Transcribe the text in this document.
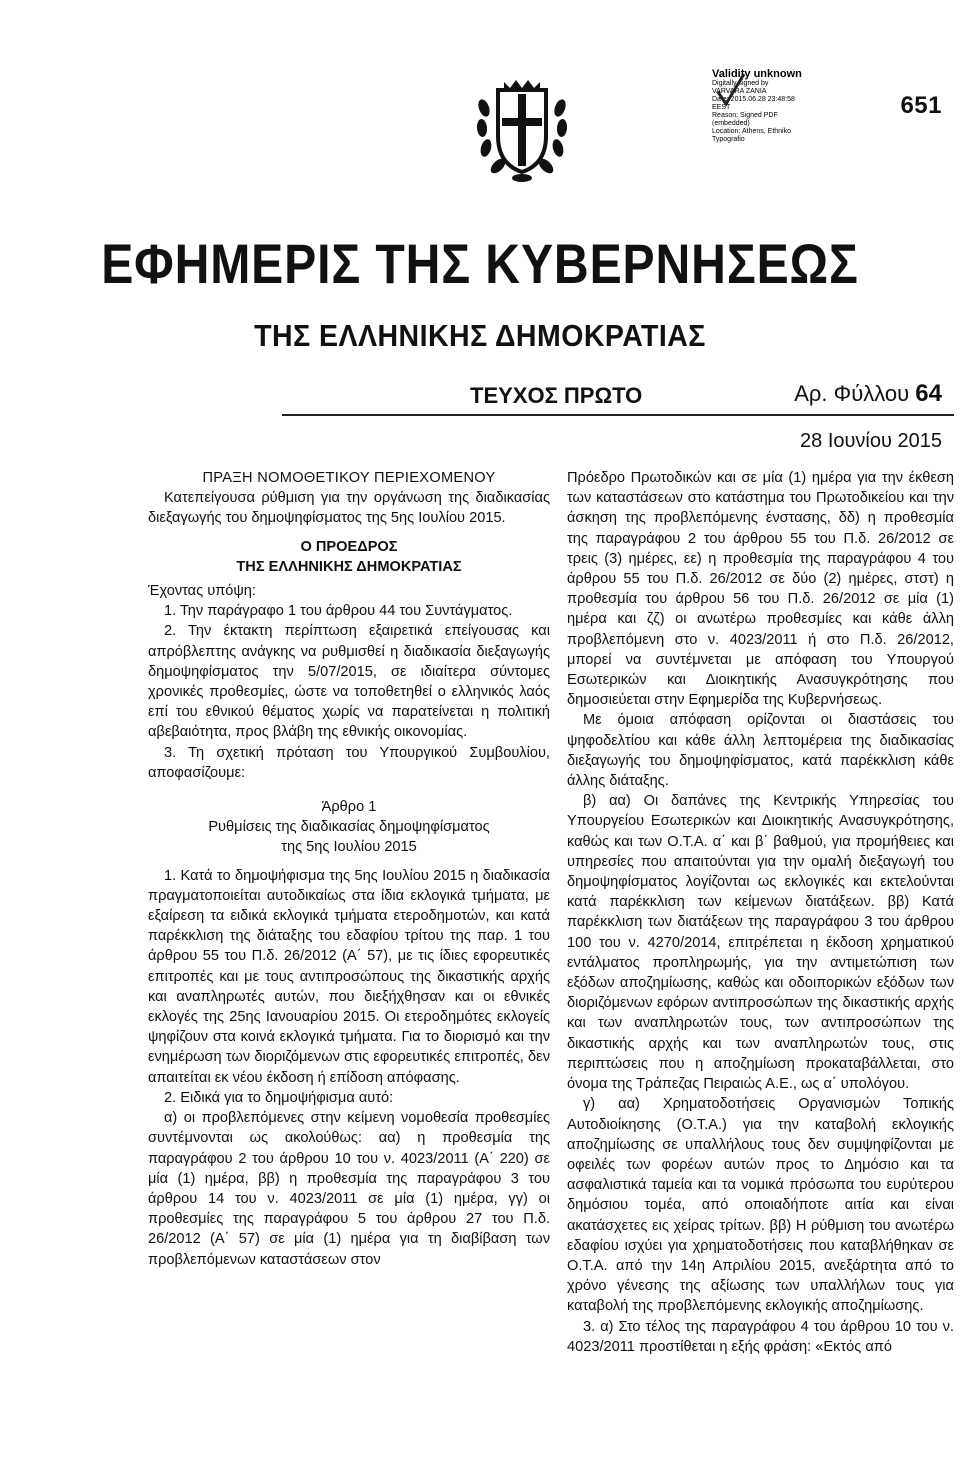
651
Validity unknown
Digitally signed by
VARVARA ZANIA
Date: 2015.06.28 23:48:58
EEST
Reason: Signed PDF
(embedded)
Location: Athens, Ethniko
Typografio
ΕΦΗΜΕΡΙΣ ΤΗΣ ΚΥΒΕΡΝΗΣΕΩΣ
ΤΗΣ ΕΛΛΗΝΙΚΗΣ ΔΗΜΟΚΡΑΤΙΑΣ
ΤΕΥΧΟΣ ΠΡΩΤΟ	Αρ. Φύλλου 64
28 Ιουνίου 2015

ΠΡΑΞΗ ΝΟΜΟΘΕΤΙΚΟΥ ΠΕΡΙΕΧΟΜΕΝΟΥ

Κατεπείγουσα ρύθμιση για την οργάνωση της διαδικασίας διεξαγωγής του δημοψηφίσματος της 5ης Ιουλίου 2015.

Ο ΠΡΟΕΔΡΟΣ

ΤΗΣ ΕΛΛΗΝΙΚΗΣ ΔΗΜΟΚΡΑΤΙΑΣ

Έχοντας υπόψη:

1. Την παράγραφο 1 του άρθρου 44 του Συντάγματος.

2. Την έκτακτη περίπτωση εξαιρετικά επείγουσας και απρόβλεπτης ανάγκης να ρυθμισθεί η διαδικασία διεξαγωγής δημοψηφίσματος την 5/07/2015, σε ιδιαίτερα σύντομες χρονικές προθεσμίες, ώστε να τοποθετηθεί ο ελληνικός λαός επί του εθνικού θέματος χωρίς να παρατείνεται η πολιτική αβεβαιότητα, προς βλάβη της εθνικής οικονομίας.

3. Τη σχετική πρόταση του Υπουργικού Συμβουλίου, αποφασίζουμε:

Άρθρο 1

Ρυθμίσεις της διαδικασίας δημοψηφίσματος

της 5ης Ιουλίου 2015

1. Κατά το δημοψήφισμα της 5ης Ιουλίου 2015 η διαδικασία πραγματοποιείται αυτοδικαίως στα ίδια εκλογικά τμήματα, με εξαίρεση τα ειδικά εκλογικά τμήματα ετεροδημοτών, και κατά παρέκκλιση της διάταξης του εδαφίου τρίτου της παρ. 1 του άρθρου 55 του Π.δ. 26/2012 (Α΄ 57), με τις ίδιες εφορευτικές επιτροπές και με τους αντιπροσώπους της δικαστικής αρχής και αναπληρωτές αυτών, που διεξήχθησαν και οι εθνικές εκλογές της 25ης Ιανουαρίου 2015. Οι ετεροδημότες εκλογείς ψηφίζουν στα κοινά εκλογικά τμήματα. Για το διορισμό και την ενημέρωση των διοριζόμενων στις εφορευτικές επιτροπές, δεν απαιτείται εκ νέου έκδοση ή επίδοση απόφασης.

2. Ειδικά για το δημοψήφισμα αυτό:

α) οι προβλεπόμενες στην κείμενη νομοθεσία προθεσμίες συντέμνονται ως ακολούθως: αα) η προθεσμία της παραγράφου 2 του άρθρου 10 του ν. 4023/2011 (Α΄ 220) σε μία (1) ημέρα, ββ) η προθεσμία της παραγράφου 3 του άρθρου 14 του ν. 4023/2011 σε μία (1) ημέρα, γγ) οι προθεσμίες της παραγράφου 5 του άρθρου 27 του Π.δ. 26/2012 (Α΄ 57) σε μία (1) ημέρα για τη διαβίβαση των προβλεπόμενων καταστάσεων στον

Πρόεδρο Πρωτοδικών και σε μία (1) ημέρα για την έκθεση των καταστάσεων στο κατάστημα του Πρωτοδικείου και την άσκηση της προβλεπόμενης ένστασης, δδ) η προθεσμία της παραγράφου 2 του άρθρου 55 του Π.δ. 26/2012 σε τρεις (3) ημέρες, εε) η προθεσμία της παραγράφου 4 του άρθρου 55 του Π.δ. 26/2012 σε δύο (2) ημέρες, στστ) η προθεσμία του άρθρου 56 του Π.δ. 26/2012 σε μία (1) ημέρα και ζζ) οι ανωτέρω προθεσμίες και κάθε άλλη προβλεπόμενη στο ν. 4023/2011 ή στο Π.δ. 26/2012, μπορεί να συντέμνεται με απόφαση του Υπουργού Εσωτερικών και Διοικητικής Ανασυγκρότησης που δημοσιεύεται στην Εφημερίδα της Κυβερνήσεως.

Με όμοια απόφαση ορίζονται οι διαστάσεις του ψηφοδελτίου και κάθε άλλη λεπτομέρεια της διαδικασίας διεξαγωγής του δημοψηφίσματος, κατά παρέκκλιση κάθε άλλης διάταξης.

β) αα) Οι δαπάνες της Κεντρικής Υπηρεσίας του Υπουργείου Εσωτερικών και Διοικητικής Ανασυγκρότησης, καθώς και των Ο.Τ.Α. α΄ και β΄ βαθμού, για προμήθειες και υπηρεσίες που απαιτούνται για την ομαλή διεξαγωγή του δημοψηφίσματος λογίζονται ως εκλογικές και εκτελούνται κατά παρέκκλιση των κείμενων διατάξεων. ββ) Κατά παρέκκλιση των διατάξεων της παραγράφου 3 του άρθρου 100 του ν. 4270/2014, επιτρέπεται η έκδοση χρηματικού εντάλματος προπληρωμής, για την αντιμετώπιση των εξόδων αποζημίωσης, καθώς και οδοιπορικών εξόδων των διοριζόμενων εφόρων αντιπροσώπων της δικαστικής αρχής και των αναπληρωτών τους, των αντιπροσώπων της δικαστικής αρχής και των αναπληρωτών τους, στις περιπτώσεις που η αποζημίωση προκαταβάλλεται, στο όνομα της Τράπεζας Πειραιώς Α.Ε., ως α΄ υπολόγου.

γ) αα) Χρηματοδοτήσεις Οργανισμών Τοπικής Αυτοδιοίκησης (Ο.Τ.Α.) για την καταβολή εκλογικής αποζημίωσης σε υπαλλήλους τους δεν συμψηφίζονται με οφειλές των φορέων αυτών προς το Δημόσιο και τα ασφαλιστικά ταμεία και τα νομικά πρόσωπα του ευρύτερου δημόσιου τομέα, από οποιαδήποτε αιτία και είναι ακατάσχετες εις χείρας τρίτων. ββ) Η ρύθμιση του ανωτέρω εδαφίου ισχύει για χρηματοδοτήσεις που καταβλήθηκαν σε Ο.Τ.Α. από την 14η Απριλίου 2015, ανεξάρτητα από το χρόνο γένεσης της αξίωσης των υπαλλήλων τους για καταβολή της προβλεπόμενης εκλογικής αποζημίωσης.

3. α) Στο τέλος της παραγράφου 4 του άρθρου 10 του ν. 4023/2011 προστίθεται η εξής φράση: «Εκτός από
